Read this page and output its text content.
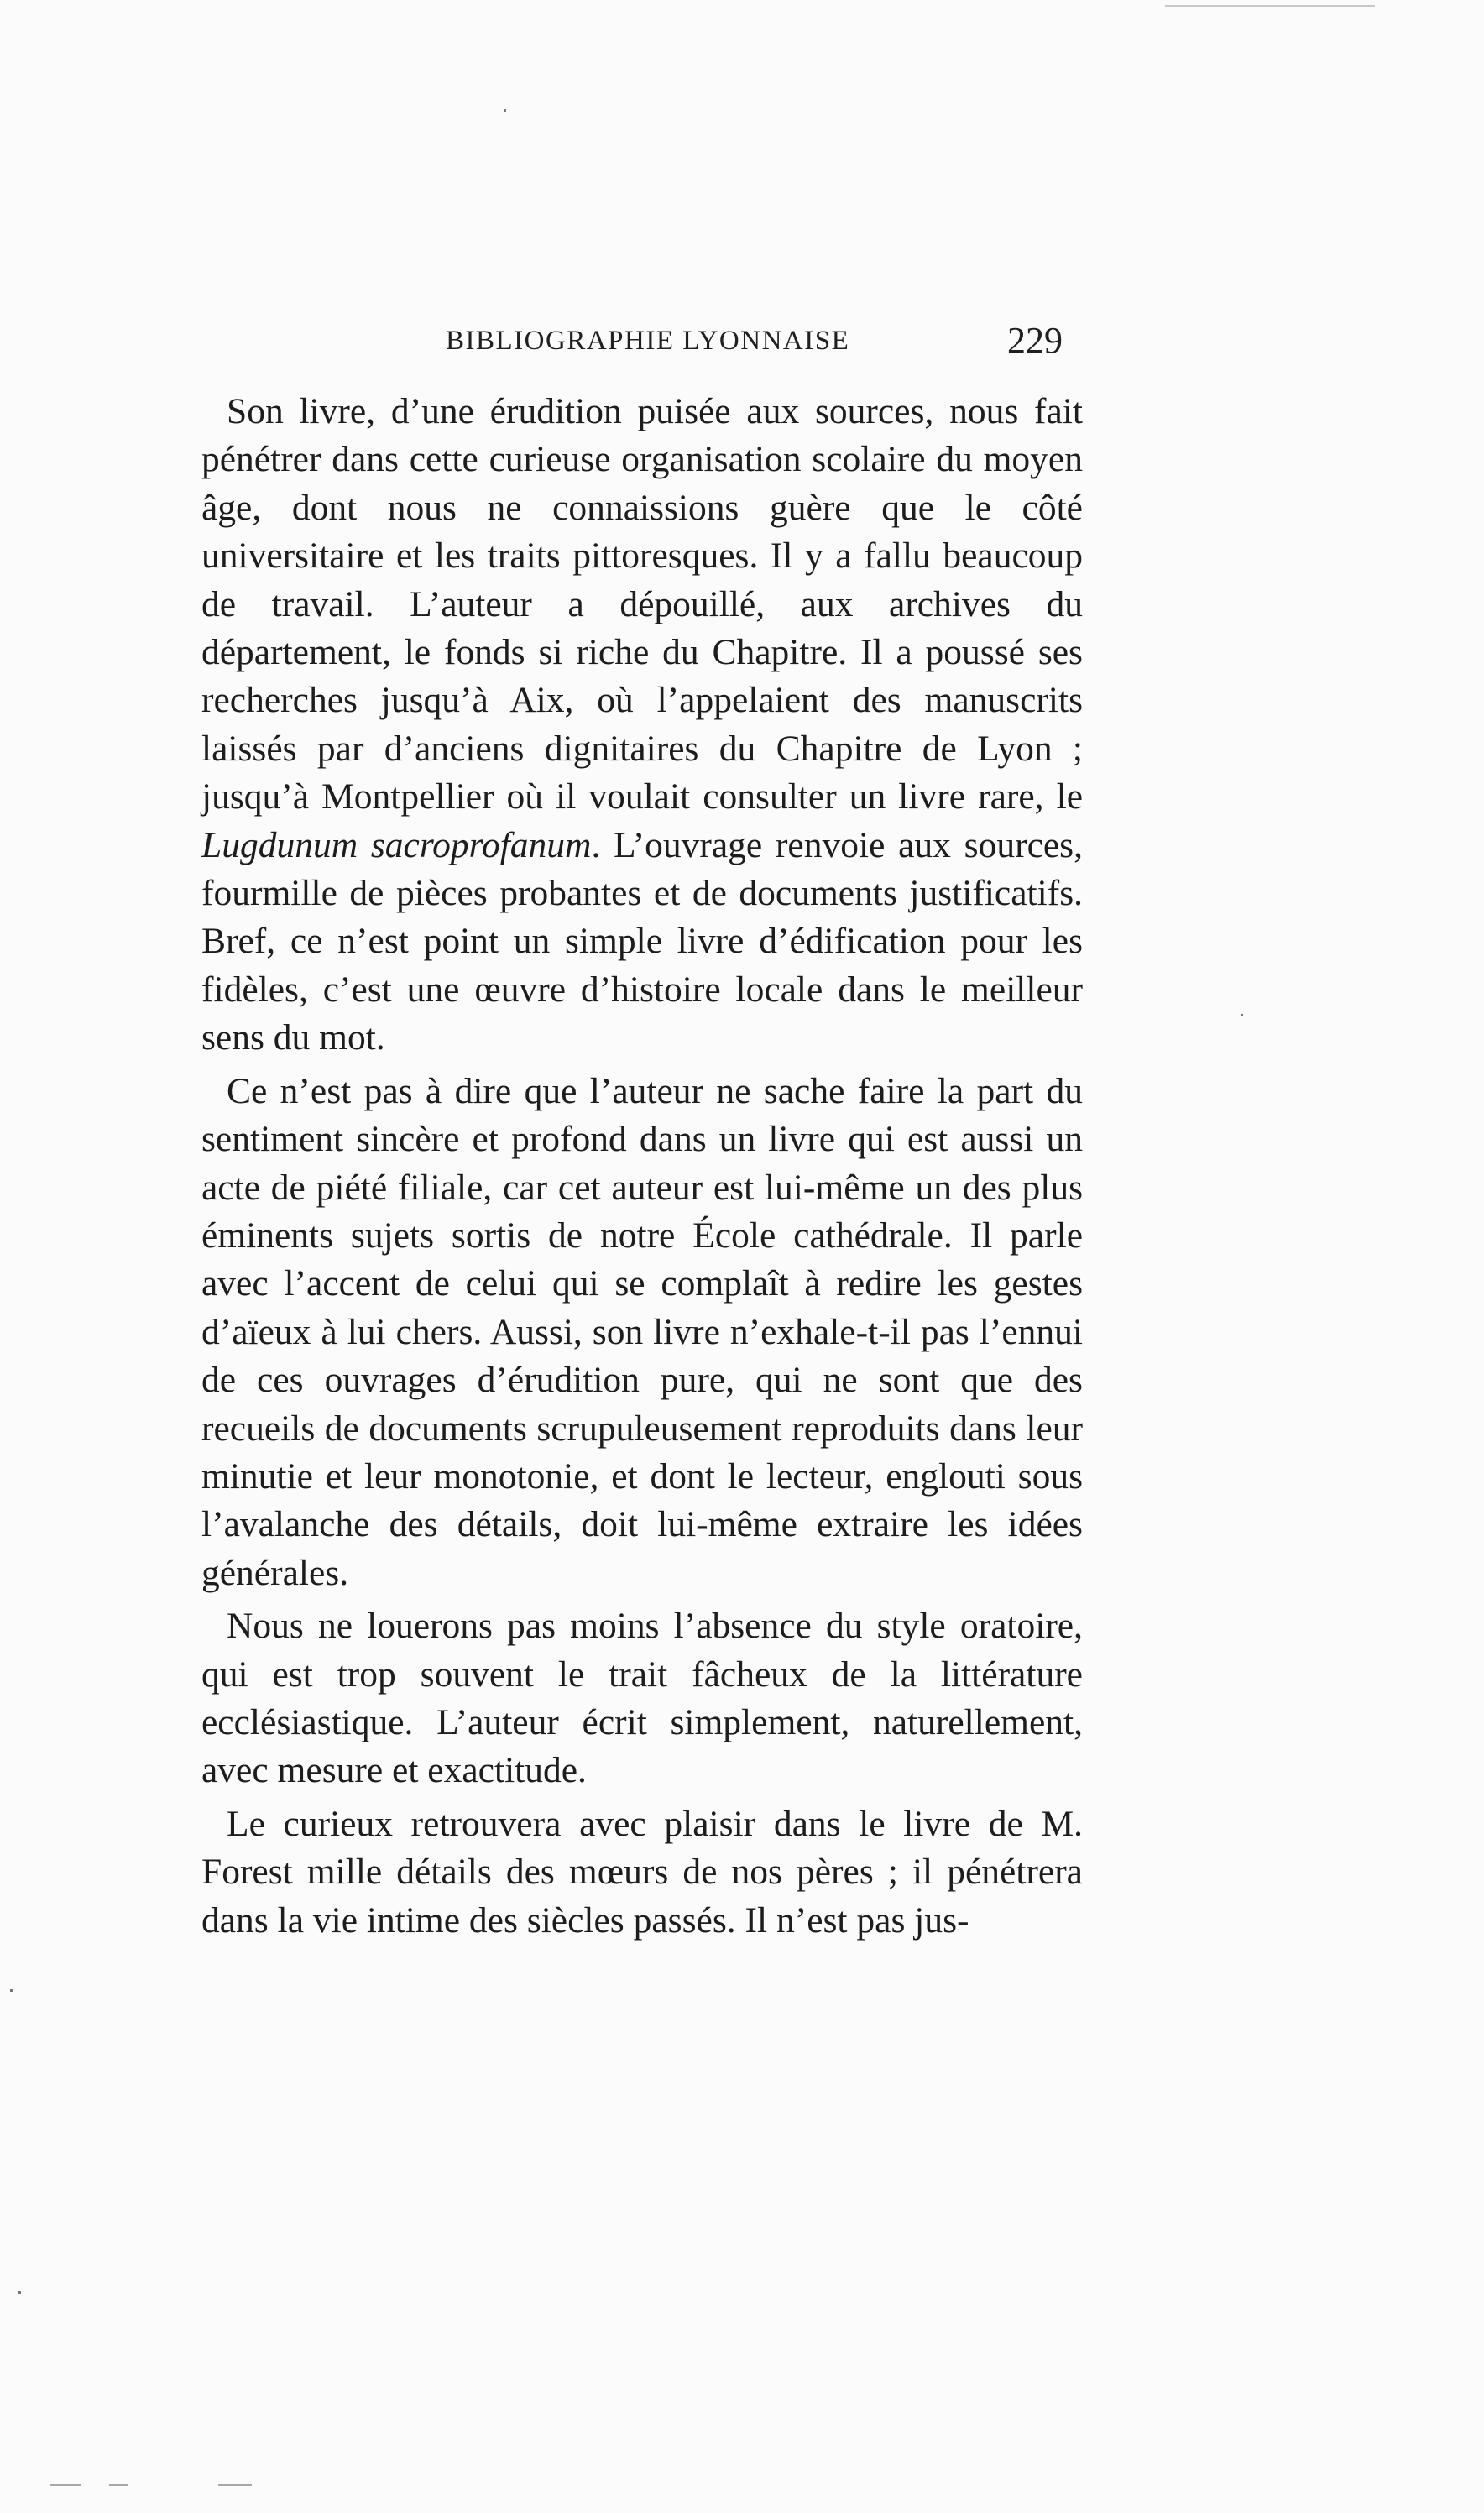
BIBLIOGRAPHIE LYONNAISE	229

Son livre, d’une érudition puisée aux sources, nous fait pénétrer dans cette curieuse organisation scolaire du moyen âge, dont nous ne connaissions guère que le côté universitaire et les traits pittoresques. Il y a fallu beaucoup de travail. L’auteur a dépouillé, aux archives du département, le fonds si riche du Chapitre. Il a poussé ses recherches jusqu’à Aix, où l’appelaient des manuscrits laissés par d’anciens dignitaires du Chapitre de Lyon ; jusqu’à Montpellier où il voulait consulter un livre rare, le Lugdunum sacroprofanum. L’ouvrage renvoie aux sources, fourmille de pièces probantes et de documents justificatifs. Bref, ce n’est point un simple livre d’édification pour les fidèles, c’est une œuvre d’histoire locale dans le meilleur sens du mot.

Ce n’est pas à dire que l’auteur ne sache faire la part du sentiment sincère et profond dans un livre qui est aussi un acte de piété filiale, car cet auteur est lui-même un des plus éminents sujets sortis de notre École cathédrale. Il parle avec l’accent de celui qui se complaît à redire les gestes d’aïeux à lui chers. Aussi, son livre n’exhale-t-il pas l’ennui de ces ouvrages d’érudition pure, qui ne sont que des recueils de documents scrupuleusement reproduits dans leur minutie et leur monotonie, et dont le lecteur, englouti sous l’avalanche des détails, doit lui-même extraire les idées générales.

Nous ne louerons pas moins l’absence du style oratoire, qui est trop souvent le trait fâcheux de la littérature ecclésiastique. L’auteur écrit simplement, naturellement, avec mesure et exactitude.

Le curieux retrouvera avec plaisir dans le livre de M. Forest mille détails des mœurs de nos pères ; il pénétrera dans la vie intime des siècles passés. Il n’est pas jus-
